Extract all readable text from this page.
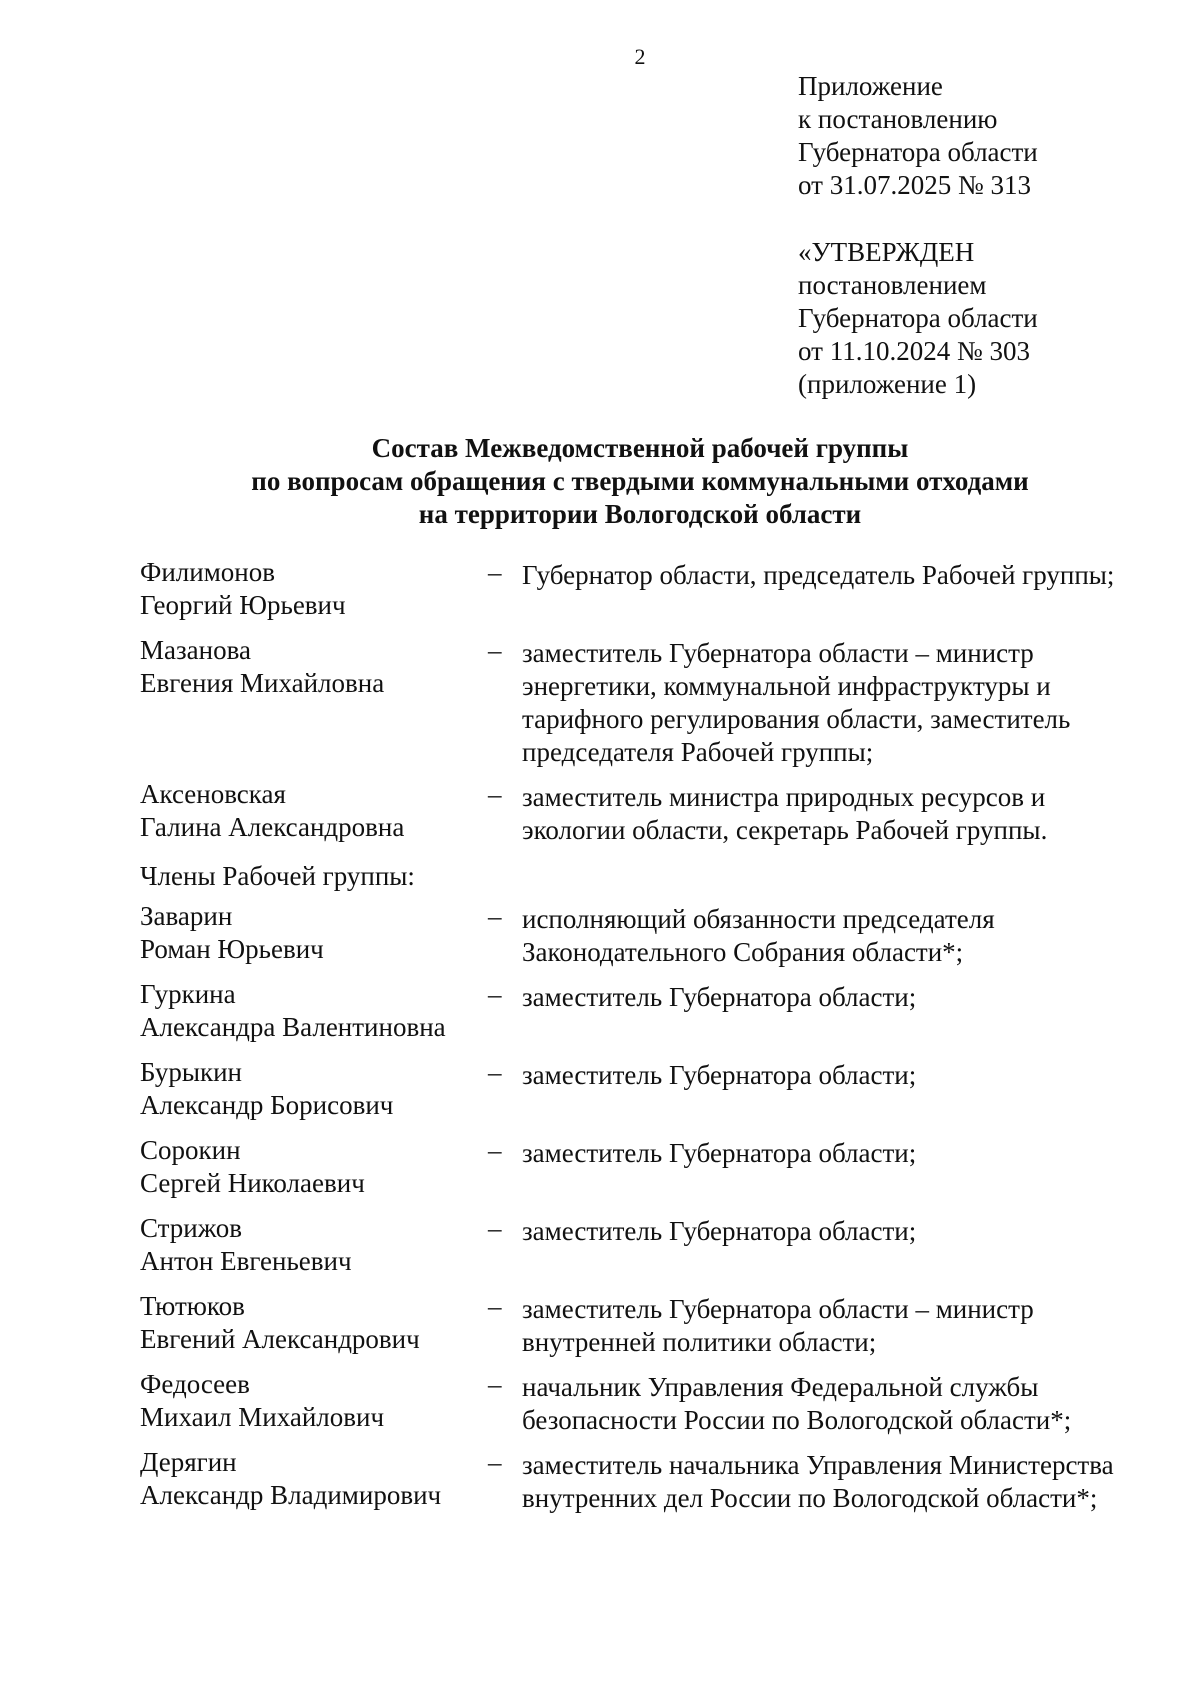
2
Приложение
к постановлению
Губернатора области
от 31.07.2025 № 313
«УТВЕРЖДЕН
постановлением
Губернатора области
от 11.10.2024 № 303
(приложение 1)
Состав Межведомственной рабочей группы
по вопросам обращения с твердыми коммунальными отходами
на территории Вологодской области
Филимонов
Георгий Юрьевич
– Губернатор области, председатель Рабочей группы;
Мазанова
Евгения Михайловна
– заместитель Губернатора области – министр энергетики, коммунальной инфраструктуры и тарифного регулирования области, заместитель председателя Рабочей группы;
Аксеновская
Галина Александровна
– заместитель министра природных ресурсов и экологии области, секретарь Рабочей группы.
Члены Рабочей группы:
Заварин
Роман Юрьевич
– исполняющий обязанности председателя Законодательного Собрания области*;
Гуркина
Александра Валентиновна
– заместитель Губернатора области;
Бурыкин
Александр Борисович
– заместитель Губернатора области;
Сорокин
Сергей Николаевич
– заместитель Губернатора области;
Стрижов
Антон Евгеньевич
– заместитель Губернатора области;
Тютюков
Евгений Александрович
– заместитель Губернатора области – министр внутренней политики области;
Федосеев
Михаил Михайлович
– начальник Управления Федеральной службы безопасности России по Вологодской области*;
Дерягин
Александр Владимирович
– заместитель начальника Управления Министерства внутренних дел России по Вологодской области*;
